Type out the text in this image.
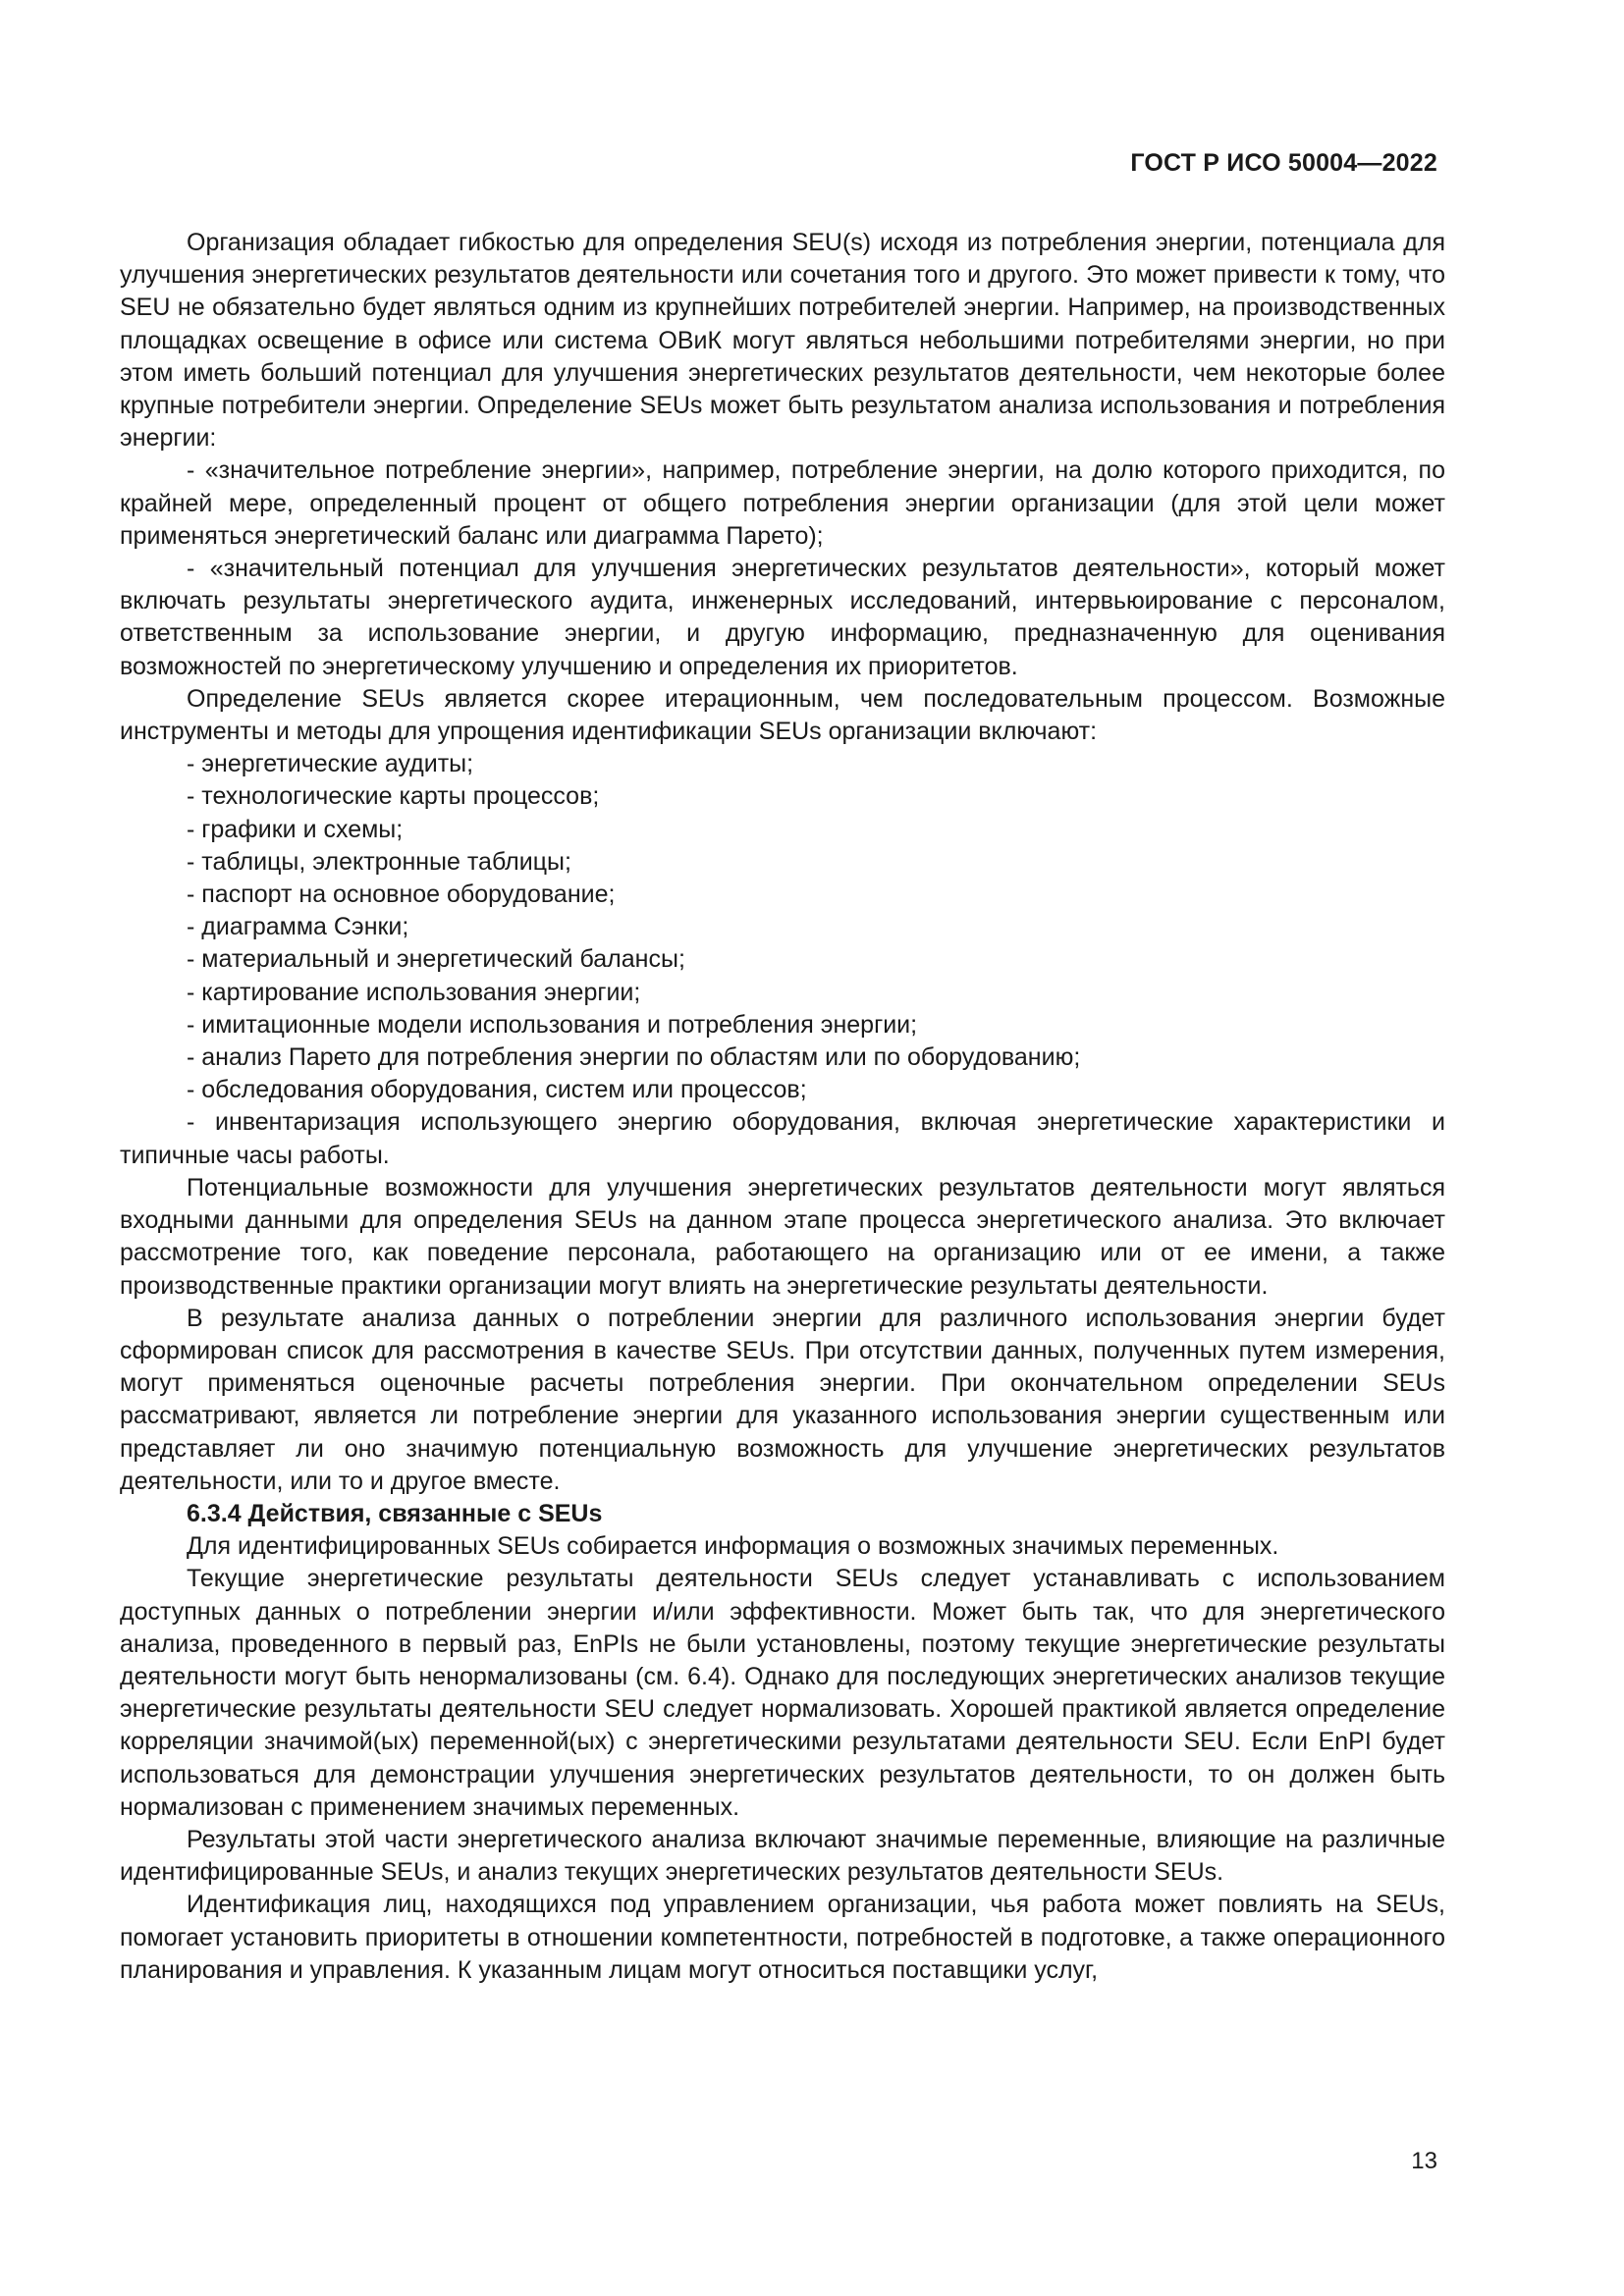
ГОСТ Р ИСО 50004—2022

Организация обладает гибкостью для определения SEU(s) исходя из потребления энергии, потенциала для улучшения энергетических результатов деятельности или сочетания того и другого. Это может привести к тому, что SEU не обязательно будет являться одним из крупнейших потребителей энергии. Например, на производственных площадках освещение в офисе или система ОВиК могут являться небольшими потребителями энергии, но при этом иметь больший потенциал для улучшения энергетических результатов деятельности, чем некоторые более крупные потребители энергии. Определение SEUs может быть результатом анализа использования и потребления энергии:

- «значительное потребление энергии», например, потребление энергии, на долю которого приходится, по крайней мере, определенный процент от общего потребления энергии организации (для этой цели может применяться энергетический баланс или диаграмма Парето);

- «значительный потенциал для улучшения энергетических результатов деятельности», который может включать результаты энергетического аудита, инженерных исследований, интервьюирование с персоналом, ответственным за использование энергии, и другую информацию, предназначенную для оценивания возможностей по энергетическому улучшению и определения их приоритетов.

Определение SEUs является скорее итерационным, чем последовательным процессом. Возможные инструменты и методы для упрощения идентификации SEUs организации включают:

- энергетические аудиты;

- технологические карты процессов;

- графики и схемы;

- таблицы, электронные таблицы;

- паспорт на основное оборудование;

- диаграмма Сэнки;

- материальный и энергетический балансы;

- картирование использования энергии;

- имитационные модели использования и потребления энергии;

- анализ Парето для потребления энергии по областям или по оборудованию;

- обследования оборудования, систем или процессов;

- инвентаризация использующего энергию оборудования, включая энергетические характеристики и типичные часы работы.

Потенциальные возможности для улучшения энергетических результатов деятельности могут являться входными данными для определения SEUs на данном этапе процесса энергетического анализа. Это включает рассмотрение того, как поведение персонала, работающего на организацию или от ее имени, а также производственные практики организации могут влиять на энергетические результаты деятельности.

В результате анализа данных о потреблении энергии для различного использования энергии будет сформирован список для рассмотрения в качестве SEUs. При отсутствии данных, полученных путем измерения, могут применяться оценочные расчеты потребления энергии. При окончательном определении SEUs рассматривают, является ли потребление энергии для указанного использования энергии существенным или представляет ли оно значимую потенциальную возможность для улучшение энергетических результатов деятельности, или то и другое вместе.

6.3.4 Действия, связанные с SEUs

Для идентифицированных SEUs собирается информация о возможных значимых переменных.

Текущие энергетические результаты деятельности SEUs следует устанавливать с использованием доступных данных о потреблении энергии и/или эффективности. Может быть так, что для энергетического анализа, проведенного в первый раз, EnPIs не были установлены, поэтому текущие энергетические результаты деятельности могут быть ненормализованы (см. 6.4). Однако для последующих энергетических анализов текущие энергетические результаты деятельности SEU следует нормализовать. Хорошей практикой является определение корреляции значимой(ых) переменной(ых) с энергетическими результатами деятельности SEU. Если EnPI будет использоваться для демонстрации улучшения энергетических результатов деятельности, то он должен быть нормализован с применением значимых переменных.

Результаты этой части энергетического анализа включают значимые переменные, влияющие на различные идентифицированные SEUs, и анализ текущих энергетических результатов деятельности SEUs.

Идентификация лиц, находящихся под управлением организации, чья работа может повлиять на SEUs, помогает установить приоритеты в отношении компетентности, потребностей в подготовке, а также операционного планирования и управления. К указанным лицам могут относиться поставщики услуг,

13
